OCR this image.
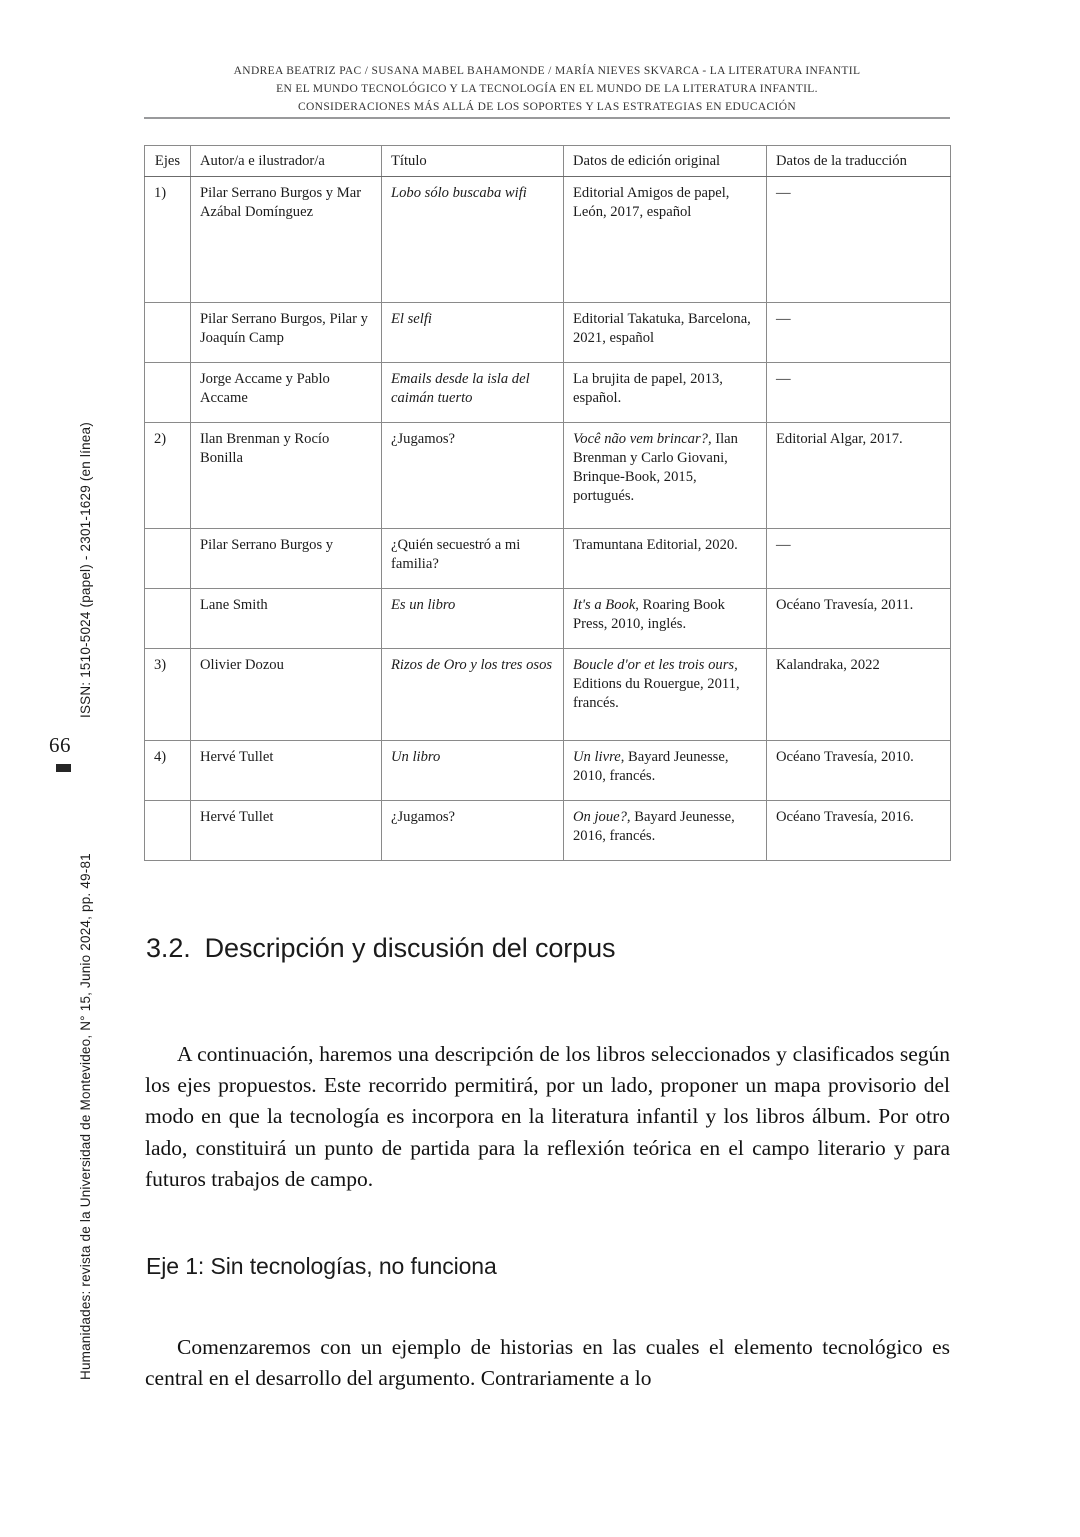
ANDREA BEATRIZ PAC / SUSANA MABEL BAHAMONDE / MARÍA NIEVES SKVARCA - LA LITERATURA INFANTIL
EN EL MUNDO TECNOLÓGICO Y LA TECNOLOGÍA EN EL MUNDO DE LA LITERATURA INFANTIL.
CONSIDERACIONES MÁS ALLÁ DE LOS SOPORTES Y LAS ESTRATEGIAS EN EDUCACIÓN
ISSN: 1510-5024 (papel) - 2301-1629 (en línea)
Humanidades: revista de la Universidad de Montevideo, N° 15, Junio 2024, pp. 49-81
66
Ejes	Autor/a e ilustrador/a	Título	Datos de edición original	Datos de la traducción
1)	Pilar Serrano Burgos y Mar Azábal Domínguez	Lobo sólo buscaba wifi	Editorial Amigos de papel, León, 2017, español	—
	Pilar Serrano Burgos, Pilar y Joaquín Camp	El selfi	Editorial Takatuka, Barcelona, 2021, español	—
	Jorge Accame y Pablo Accame	Emails desde la isla del caimán tuerto	La brujita de papel, 2013, español.	—
2)	Ilan Brenman y Rocío Bonilla	¿Jugamos?	Você não vem brincar?, Ilan Brenman y Carlo Giovani, Brinque-Book, 2015, portugués.	Editorial Algar, 2017.
	Pilar Serrano Burgos y	¿Quién secuestró a mi familia?	Tramuntana Editorial, 2020.	—
	Lane Smith	Es un libro	It's a Book, Roaring Book Press, 2010, inglés.	Océano Travesía, 2011.
3)	Olivier Dozou	Rizos de Oro y los tres osos	Boucle d'or et les trois ours, Editions du Rouergue, 2011, francés.	Kalandraka, 2022
4)	Hervé Tullet	Un libro	Un livre, Bayard Jeunesse, 2010, francés.	Océano Travesía, 2010.
	Hervé Tullet	¿Jugamos?	On joue?, Bayard Jeunesse, 2016, francés.	Océano Travesía, 2016.
3.2. Descripción y discusión del corpus

A continuación, haremos una descripción de los libros seleccionados y clasificados según los ejes propuestos. Este recorrido permitirá, por un lado, proponer un mapa provisorio del modo en que la tecnología es incorpora en la literatura infantil y los libros álbum. Por otro lado, constituirá un punto de partida para la reflexión teórica en el campo literario y para futuros trabajos de campo.

Eje 1: Sin tecnologías, no funciona

Comenzaremos con un ejemplo de historias en las cuales el elemento tecnológico es central en el desarrollo del argumento. Contrariamente a lo
